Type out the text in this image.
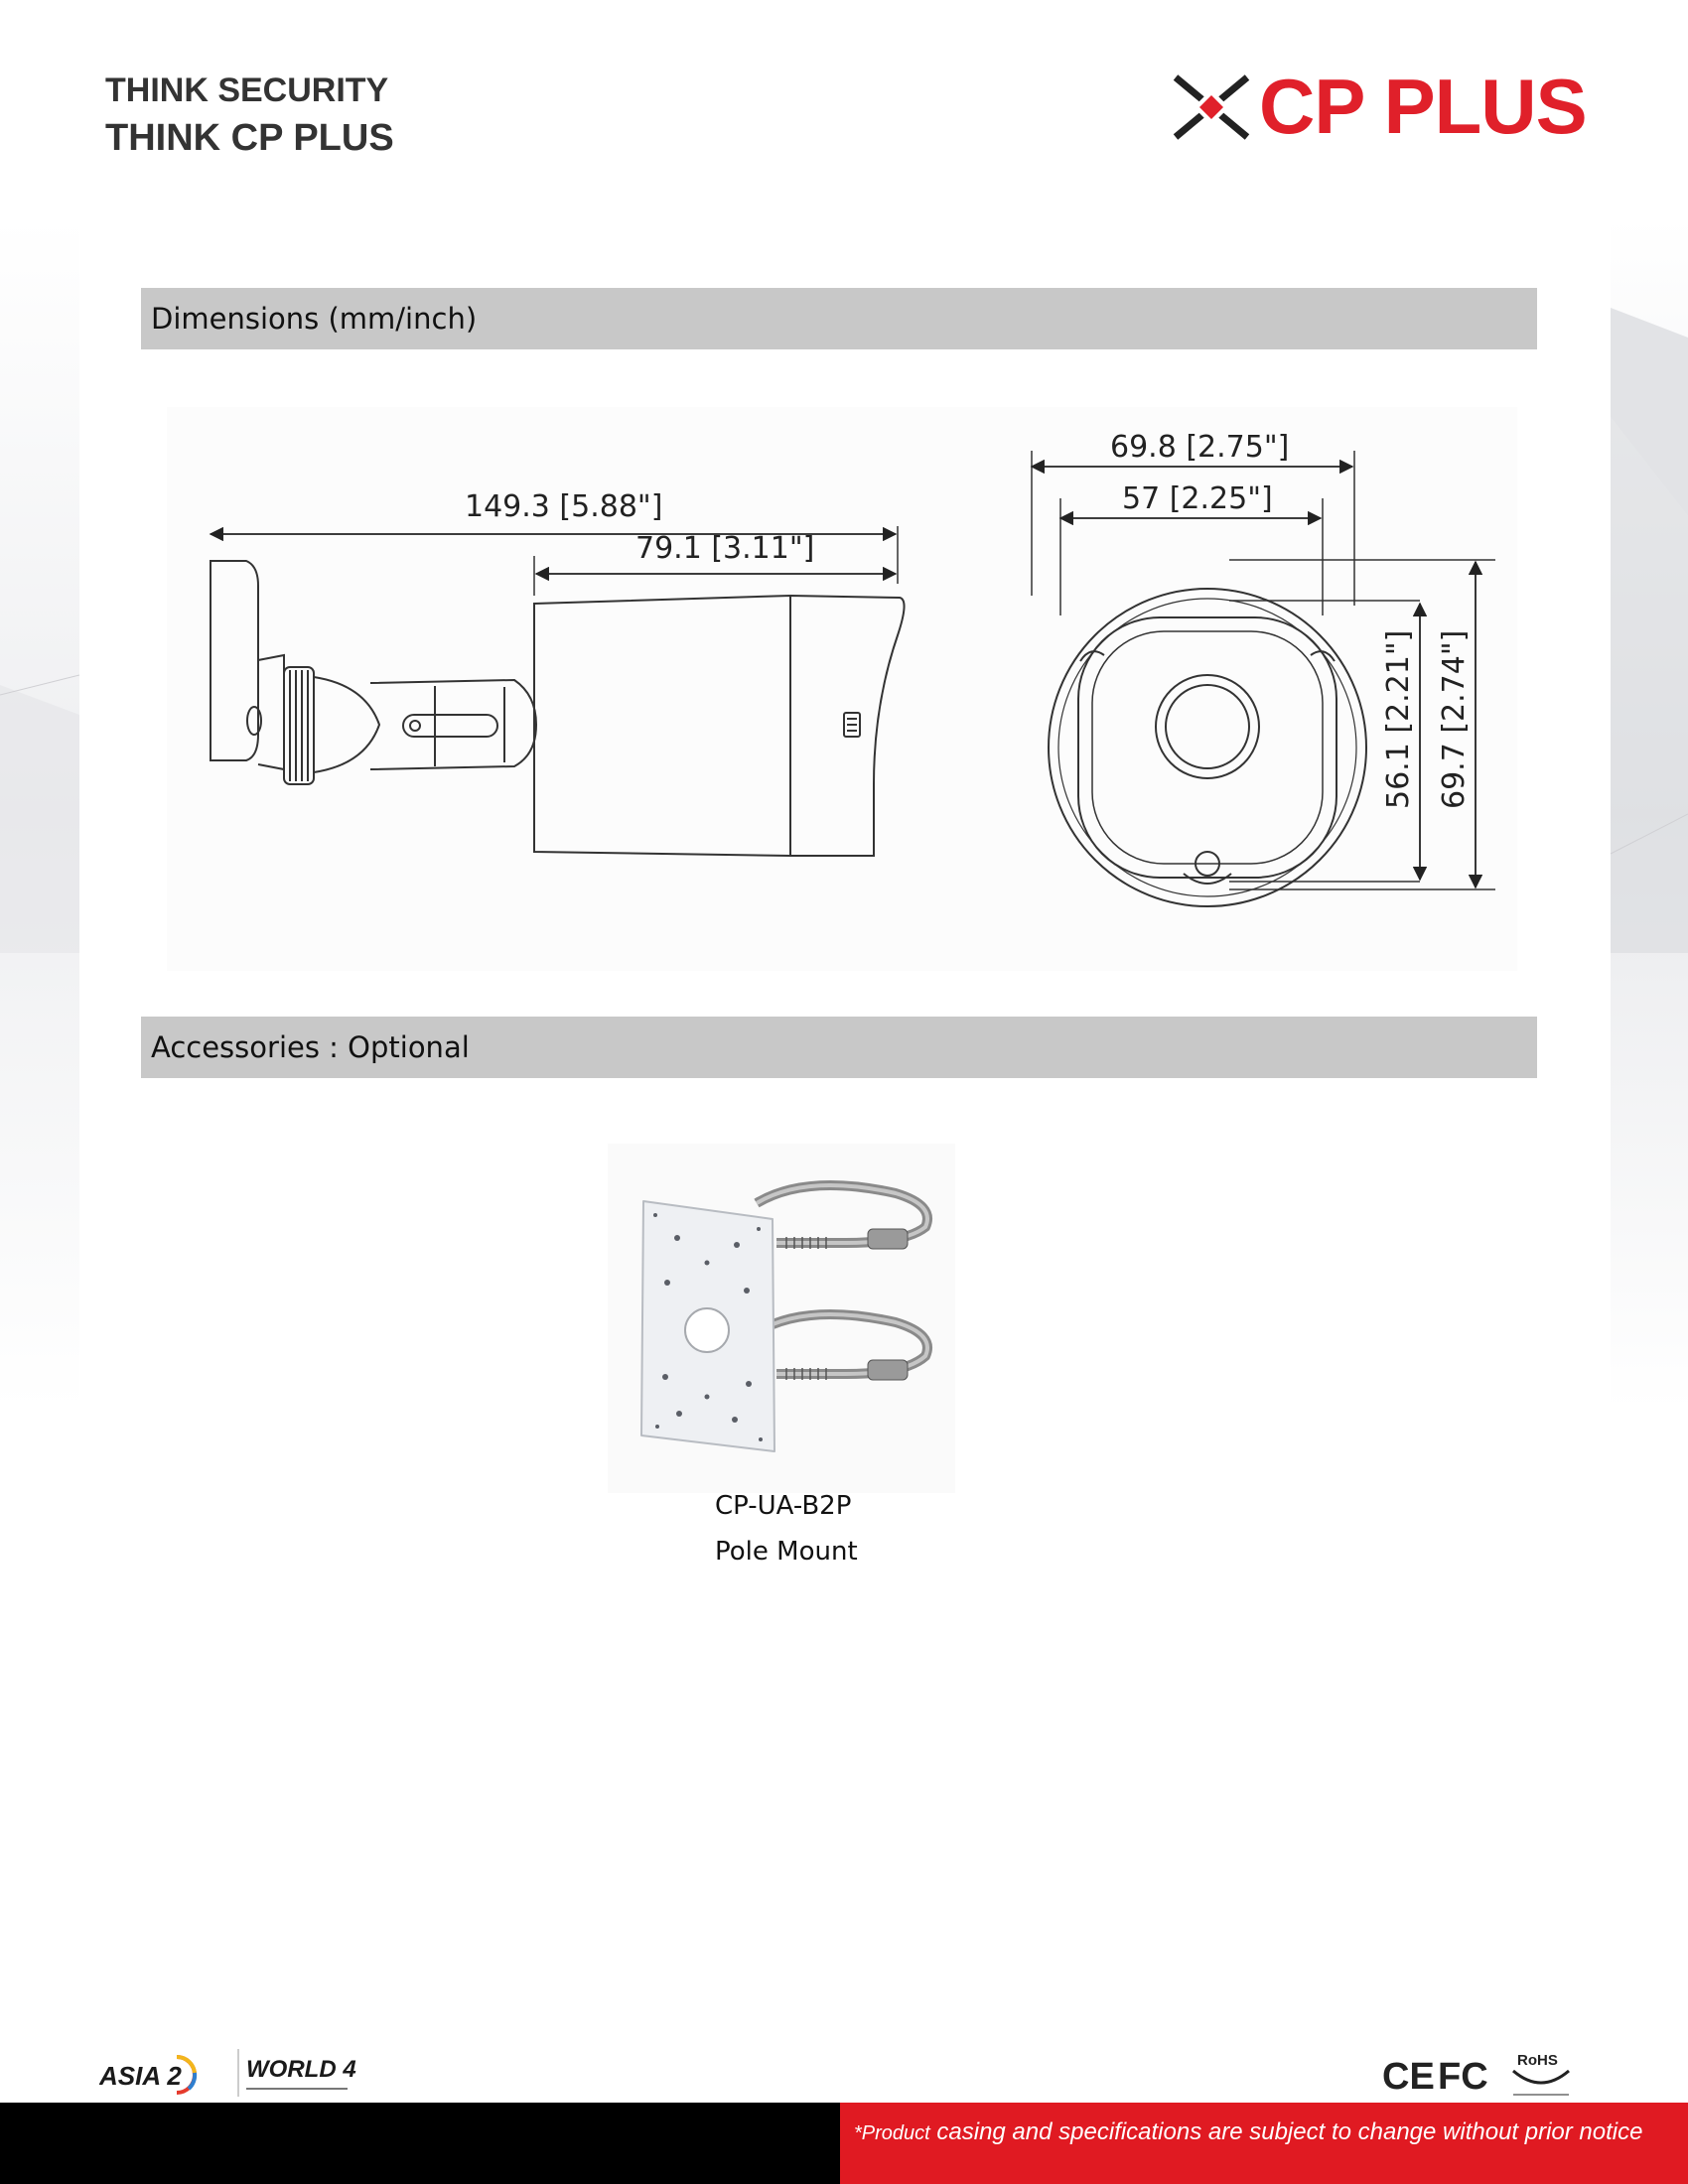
THINK SECURITY
THINK CP PLUS	CP PLUS
Dimensions (mm/inch)
149.3 [5.88"]
79.1 [3.11"]
69.8 [2.75"]
57 [2.25"]
56.1 [2.21"] 69.7 [2.74"]
Accessories : Optional
CP-UA-B2P
Pole Mount
ASIA 2	WORLD 4	CE FC RoHS
*Product casing and specifications are subject to change without prior notice
